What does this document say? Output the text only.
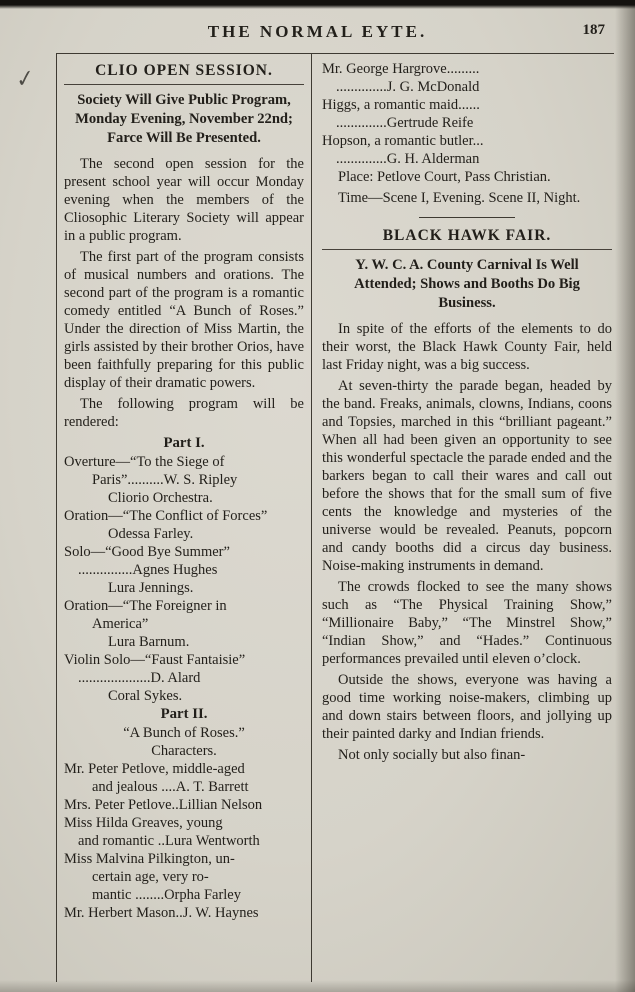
✓
THE NORMAL EYTE.	187
CLIO OPEN SESSION.
Society Will Give Public Program, Monday Evening, November 22nd; Farce Will Be Presented.

The second open session for the present school year will occur Monday evening when the members of the Cliosophic Literary Society will appear in a public program.

The first part of the program consists of musical numbers and orations. The second part of the program is a romantic comedy entitled “A Bunch of Roses.” Under the direction of Miss Martin, the girls assisted by their brother Orios, have been faithfully preparing for this public display of their dramatic powers.

The following program will be rendered:

Part I.
Overture—“To the Siege of
Paris”..........W. S. Ripley
Cliorio Orchestra.
Oration—“The Conflict of Forces”
Odessa Farley.
Solo—“Good Bye Summer”
...............Agnes Hughes
Lura Jennings.
Oration—“The Foreigner in
America”
Lura Barnum.
Violin Solo—“Faust Fantaisie”
....................D. Alard
Coral Sykes.
Part II.
“A Bunch of Roses.”
Characters.
Mr. Peter Petlove, middle-aged
and jealous ....A. T. Barrett
Mrs. Peter Petlove..Lillian Nelson
Miss Hilda Greaves, young
and romantic ..Lura Wentworth
Miss Malvina Pilkington, un-
certain age, very ro-
mantic ........Orpha Farley
Mr. Herbert Mason..J. W. Haynes
Mr. George Hargrove.........
..............J. G. McDonald
Higgs, a romantic maid......
..............Gertrude Reife
Hopson, a romantic butler...
..............G. H. Alderman

Place: Petlove Court, Pass Christian.

Time—Scene I, Evening. Scene II, Night.

BLACK HAWK FAIR.
Y. W. C. A. County Carnival Is Well Attended; Shows and Booths Do Big Business.

In spite of the efforts of the elements to do their worst, the Black Hawk County Fair, held last Friday night, was a big success.

At seven-thirty the parade began, headed by the band. Freaks, animals, clowns, Indians, coons and Topsies, marched in this “brilliant pageant.” When all had been given an opportunity to see this wonderful spectacle the parade ended and the barkers began to call their wares and call out before the shows that for the small sum of five cents the knowledge and mysteries of the universe would be revealed. Peanuts, popcorn and candy booths did a circus day business. Noise-making instruments in demand.

The crowds flocked to see the many shows such as “The Physical Training Show,” “Millionaire Baby,” “The Minstrel Show,” “Indian Show,” and “Hades.” Continuous performances prevailed until eleven o’clock.

Outside the shows, everyone was having a good time working noise-makers, climbing up and down stairs between floors, and jollying up their painted darky and Indian friends.

Not only socially but also finan-
